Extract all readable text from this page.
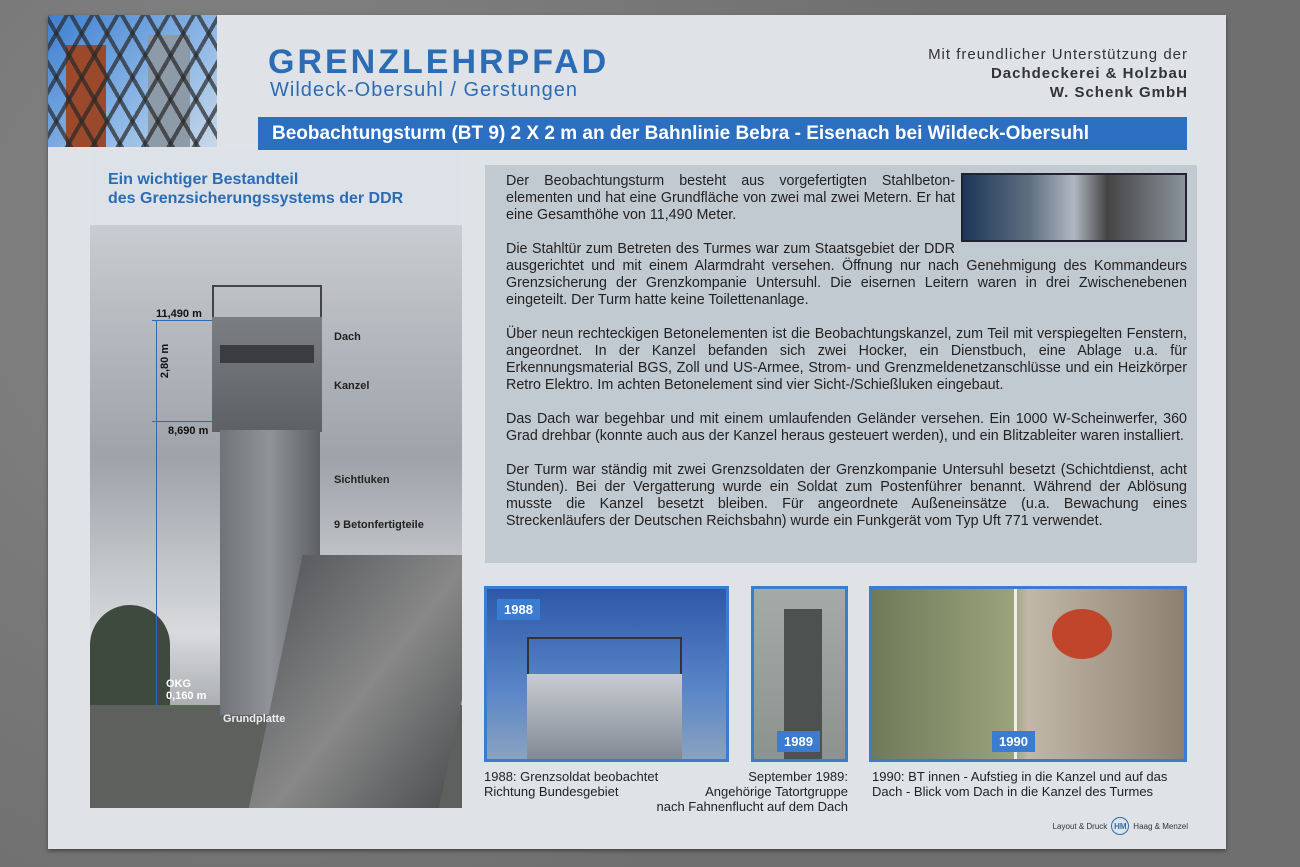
GRENZLEHRPFAD
Wildeck-Obersuhl / Gerstungen
Mit freundlicher Unterstützung der
Dachdeckerei & Holzbau
W. Schenk GmbH
Beobachtungsturm (BT 9) 2 X 2 m an der Bahnlinie Bebra - Eisenach bei Wildeck-Obersuhl
Ein wichtiger Bestandteil
des Grenzsicherungssystems der DDR
11,490 m
2,80 m
8,690 m
OKG
0,160 m
Dach
Kanzel
Sichtluken
9 Betonfertigteile
Grundplatte

Der Beobachtungsturm besteht aus vorgefertigten Stahlbeton-elementen und hat eine Grundfläche von zwei mal zwei Metern. Er hat eine Gesamthöhe von 11,490 Meter.

Die Stahltür zum Betreten des Turmes war zum Staatsgebiet der DDR ausgerichtet und mit einem Alarmdraht versehen. Öffnung nur nach Genehmigung des Kommandeurs Grenzsicherung der Grenzkompanie Untersuhl. Die eisernen Leitern waren in drei Zwischenebenen eingeteilt. Der Turm hatte keine Toilettenanlage.

Über neun rechteckigen Betonelementen ist die Beobachtungskanzel, zum Teil mit verspiegelten Fenstern, angeordnet. In der Kanzel befanden sich zwei Hocker, ein Dienstbuch, eine Ablage u.a. für Erkennungsmaterial BGS, Zoll und US-Armee, Strom- und Grenzmeldenetzanschlüsse und ein Heizkörper Retro Elektro. Im achten Betonelement sind vier Sicht-/Schießluken eingebaut.

Das Dach war begehbar und mit einem umlaufenden Geländer versehen. Ein 1000 W-Scheinwerfer, 360 Grad drehbar (konnte auch aus der Kanzel heraus gesteuert werden), und ein Blitzableiter waren installiert.

Der Turm war ständig mit zwei Grenzsoldaten der Grenzkompanie Untersuhl besetzt (Schichtdienst, acht Stunden). Bei der Vergatterung wurde ein Soldat zum Postenführer benannt. Während der Ablösung musste die Kanzel besetzt bleiben. Für angeordnete Außeneinsätze (u.a. Bewachung eines Streckenläufers der Deutschen Reichsbahn) wurde ein Funkgerät vom Typ Uft 771 verwendet.

1988
1989	1990
1988: Grenzsoldat beobachtet
Richtung Bundesgebiet
September 1989:
Angehörige Tatortgruppe
nach Fahnenflucht auf dem Dach
1990: BT innen - Aufstieg in die Kanzel und auf das
Dach - Blick vom Dach in die Kanzel des Turmes
Layout & Druck HM Haag & Menzel
